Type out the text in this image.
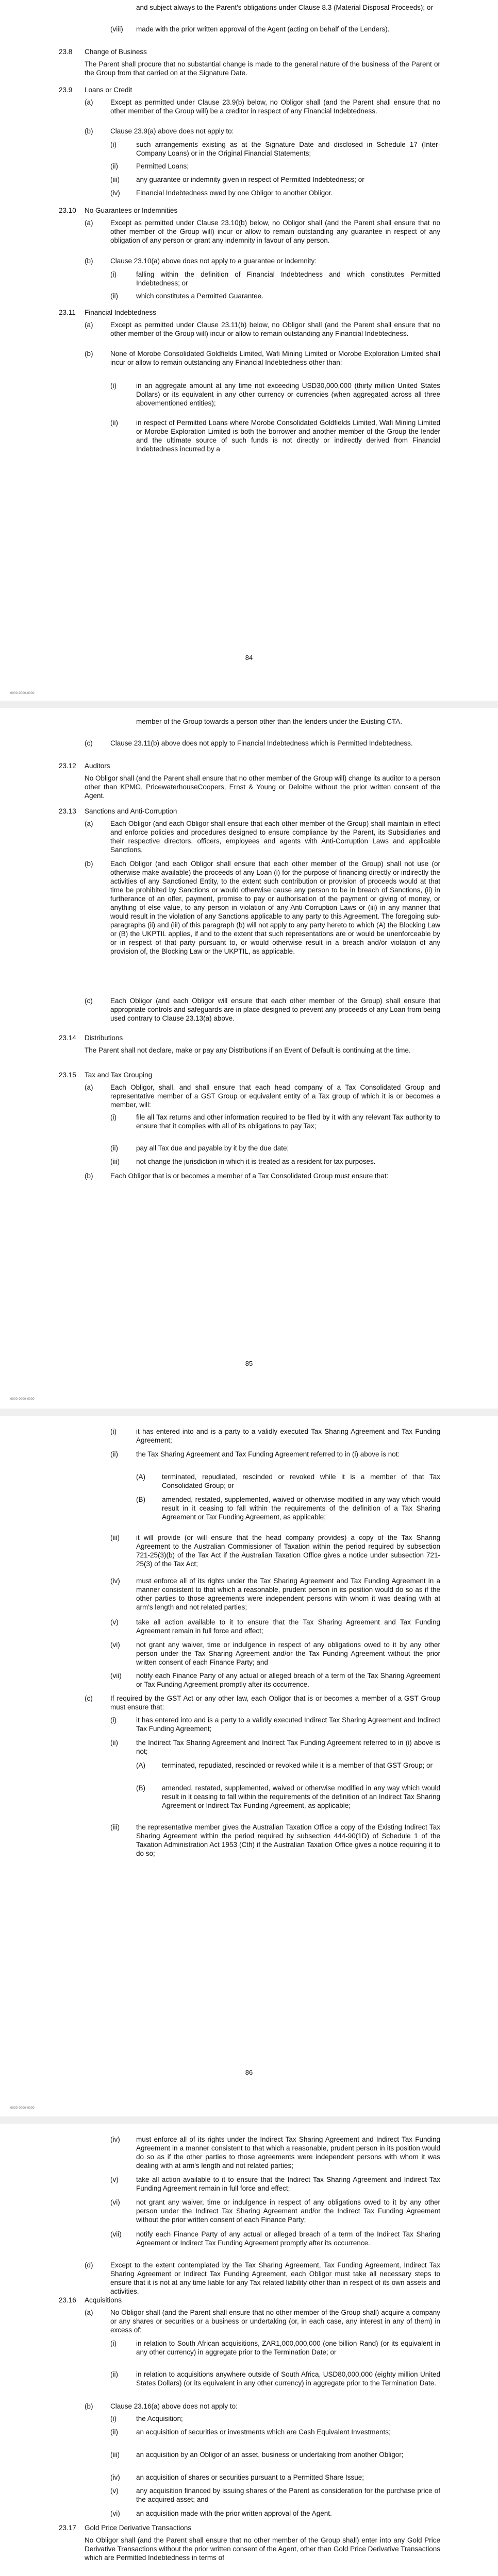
and subject always to the Parent's obligations under Clause 8.3 (Material Disposal Proceeds); or
(viii) made with the prior written approval of the Agent (acting on behalf of the Lenders).
23.8 Change of Business
The Parent shall procure that no substantial change is made to the general nature of the business of the Parent or the Group from that carried on at the Signature Date.
23.9 Loans or Credit
(a) Except as permitted under Clause 23.9(b) below, no Obligor shall (and the Parent shall ensure that no other member of the Group will) be a creditor in respect of any Financial Indebtedness.
(b) Clause 23.9(a) above does not apply to:
(i)	such arrangements existing as at the Signature Date and disclosed in Schedule 17 (Inter-Company Loans) or in the Original Financial Statements;
(ii)	Permitted Loans;
(iii) any guarantee or indemnity given in respect of Permitted Indebtedness; or
(iv) Financial Indebtedness owed by one Obligor to another Obligor.
23.10 No Guarantees or Indemnities
(a) Except as permitted under Clause 23.10(b) below, no Obligor shall (and the Parent shall ensure that no other member of the Group will) incur or allow to remain outstanding any guarantee in respect of any obligation of any person or grant any indemnity in favour of any person.
(b) Clause 23.10(a) above does not apply to a guarantee or indemnity:
(i)	falling within the definition of Financial Indebtedness and which constitutes Permitted Indebtedness; or
(ii)	which constitutes a Permitted Guarantee.
23.11 Financial Indebtedness
(a) Except as permitted under Clause 23.11(b) below, no Obligor shall (and the Parent shall ensure that no other member of the Group will) incur or allow to remain outstanding any Financial Indebtedness.
(b) None of Morobe Consolidated Goldfields Limited, Wafi Mining Limited or Morobe Exploration Limited shall incur or allow to remain outstanding any Financial Indebtedness other than:
(i)	in an aggregate amount at any time not exceeding USD30,000,000 (thirty million United States Dollars) or its equivalent in any other currency or currencies (when aggregated across all three abovementioned entities);
(ii)	in respect of Permitted Loans where Morobe Consolidated Goldfields Limited, Wafi Mining Limited or Morobe Exploration Limited is both the borrower and another member of the Group the lender and the ultimate source of such funds is not directly or indirectly derived from Financial Indebtedness incurred by a
84
0000-0000-0000
member of the Group towards a person other than the lenders under the Existing CTA.
(c)	Clause 23.11(b) above does not apply to Financial Indebtedness which is Permitted Indebtedness.
23.12 Auditors
No Obligor shall (and the Parent shall ensure that no other member of the Group will) change its auditor to a person other than KPMG, PricewaterhouseCoopers, Ernst & Young or Deloitte without the prior written consent of the Agent.
23.13 Sanctions and Anti-Corruption
(a) Each Obligor (and each Obligor shall ensure that each other member of the Group) shall maintain in effect and enforce policies and procedures designed to ensure compliance by the Parent, its Subsidiaries and their respective directors, officers, employees and agents with Anti-Corruption Laws and applicable Sanctions.
(b) Each Obligor (and each Obligor shall ensure that each other member of the Group) shall not use (or otherwise make available) the proceeds of any Loan (i) for the purpose of financing directly or indirectly the activities of any Sanctioned Entity, to the extent such contribution or provision of proceeds would at that time be prohibited by Sanctions or would otherwise cause any person to be in breach of Sanctions, (ii) in furtherance of an offer, payment, promise to pay or authorisation of the payment or giving of money, or anything of else value, to any person in violation of any Anti-Corruption Laws or (iii) in any manner that would result in the violation of any Sanctions applicable to any party to this Agreement. The foregoing sub-paragraphs (ii) and (iii) of this paragraph (b) will not apply to any party hereto to which (A) the Blocking Law or (B) the UKPTIL applies, if and to the extent that such representations are or would be unenforceable by or in respect of that party pursuant to, or would otherwise result in a breach and/or violation of any provision of, the Blocking Law or the UKPTIL, as applicable.
(c)	Each Obligor (and each Obligor will ensure that each other member of the Group) shall ensure that appropriate controls and safeguards are in place designed to prevent any proceeds of any Loan from being used contrary to Clause 23.13(a) above.
23.14 Distributions
The Parent shall not declare, make or pay any Distributions if an Event of Default is continuing at the time.
23.15 Tax and Tax Grouping
(a) Each Obligor, shall, and shall ensure that each head company of a Tax Consolidated Group and representative member of a GST Group or equivalent entity of a Tax group of which it is or becomes a member, will:
(i)	file all Tax returns and other information required to be filed by it with any relevant Tax authority to ensure that it complies with all of its obligations to pay Tax;
(ii)	pay all Tax due and payable by it by the due date;
(iii) not change the jurisdiction in which it is treated as a resident for tax purposes.
(b) Each Obligor that is or becomes a member of a Tax Consolidated Group must ensure that:
85
0000-0000-0000
(i)	it has entered into and is a party to a validly executed Tax Sharing Agreement and Tax Funding Agreement;
(ii)	the Tax Sharing Agreement and Tax Funding Agreement referred to in (i) above is not:
(A) terminated, repudiated, rescinded or revoked while it is a member of that Tax Consolidated Group; or
(B) amended, restated, supplemented, waived or otherwise modified in any way which would result in it ceasing to fall within the requirements of the definition of a Tax Sharing Agreement or Tax Funding Agreement, as applicable;
(iii) it will provide (or will ensure that the head company provides) a copy of the Tax Sharing Agreement to the Australian Commissioner of Taxation within the period required by subsection 721-25(3)(b) of the Tax Act if the Australian Taxation Office gives a notice under subsection 721-25(3) of the Tax Act;
(iv) must enforce all of its rights under the Tax Sharing Agreement and Tax Funding Agreement in a manner consistent to that which a reasonable, prudent person in its position would do so as if the other parties to those agreements were independent persons with whom it was dealing with at arm's length and not related parties;
(v)	take all action available to it to ensure that the Tax Sharing Agreement and Tax Funding Agreement remain in full force and effect;
(vi) not grant any waiver, time or indulgence in respect of any obligations owed to it by any other person under the Tax Sharing Agreement and/or the Tax Funding Agreement without the prior written consent of each Finance Party; and
(vii) notify each Finance Party of any actual or alleged breach of a term of the Tax Sharing Agreement or Tax Funding Agreement promptly after its occurrence.
(c)	If required by the GST Act or any other law, each Obligor that is or becomes a member of a GST Group must ensure that:
(i)	it has entered into and is a party to a validly executed Indirect Tax Sharing Agreement and Indirect Tax Funding Agreement;
(ii)	the Indirect Tax Sharing Agreement and Indirect Tax Funding Agreement referred to in (i) above is not;
(A) terminated, repudiated, rescinded or revoked while it is a member of that GST Group; or
(B) amended, restated, supplemented, waived or otherwise modified in any way which would result in it ceasing to fall within the requirements of the definition of an Indirect Tax Sharing Agreement or Indirect Tax Funding Agreement, as applicable;
(iii) the representative member gives the Australian Taxation Office a copy of the Existing Indirect Tax Sharing Agreement within the period required by subsection 444-90(1D) of Schedule 1 of the Taxation Administration Act 1953 (Cth) if the Australian Taxation Office gives a notice requiring it to do so;
86
0000-0000-0000
(iv) must enforce all of its rights under the Indirect Tax Sharing Agreement and Indirect Tax Funding Agreement in a manner consistent to that which a reasonable, prudent person in its position would do so as if the other parties to those agreements were independent persons with whom it was dealing with at arm's length and not related parties;
(v)	take all action available to it to ensure that the Indirect Tax Sharing Agreement and Indirect Tax Funding Agreement remain in full force and effect;
(vi) not grant any waiver, time or indulgence in respect of any obligations owed to it by any other person under the Indirect Tax Sharing Agreement and/or the Indirect Tax Funding Agreement without the prior written consent of each Finance Party;
(vii) notify each Finance Party of any actual or alleged breach of a term of the Indirect Tax Sharing Agreement or Indirect Tax Funding Agreement promptly after its occurrence.
(d) Except to the extent contemplated by the Tax Sharing Agreement, Tax Funding Agreement, Indirect Tax Sharing Agreement or Indirect Tax Funding Agreement, each Obligor must take all necessary steps to ensure that it is not at any time liable for any Tax related liability other than in respect of its own assets and activities.
23.16 Acquisitions
(a) No Obligor shall (and the Parent shall ensure that no other member of the Group shall) acquire a company or any shares or securities or a business or undertaking (or, in each case, any interest in any of them) in excess of:
(i)	in relation to South African acquisitions, ZAR1,000,000,000 (one billion Rand) (or its equivalent in any other currency) in aggregate prior to the Termination Date; or
(ii)	in relation to acquisitions anywhere outside of South Africa, USD80,000,000 (eighty million United States Dollars) (or its equivalent in any other currency) in aggregate prior to the Termination Date.
(b) Clause 23.16(a) above does not apply to:
(i)	the Acquisition;
(ii)	an acquisition of securities or investments which are Cash Equivalent Investments;
(iii) an acquisition by an Obligor of an asset, business or undertaking from another Obligor;
(iv) an acquisition of shares or securities pursuant to a Permitted Share Issue;
(v)	any acquisition financed by issuing shares of the Parent as consideration for the purchase price of the acquired asset; and
(vi) an acquisition made with the prior written approval of the Agent.
23.17 Gold Price Derivative Transactions
No Obligor shall (and the Parent shall ensure that no other member of the Group shall) enter into any Gold Price Derivative Transactions without the prior written consent of the Agent, other than Gold Price Derivative Transactions which are Permitted Indebtedness in terms of
